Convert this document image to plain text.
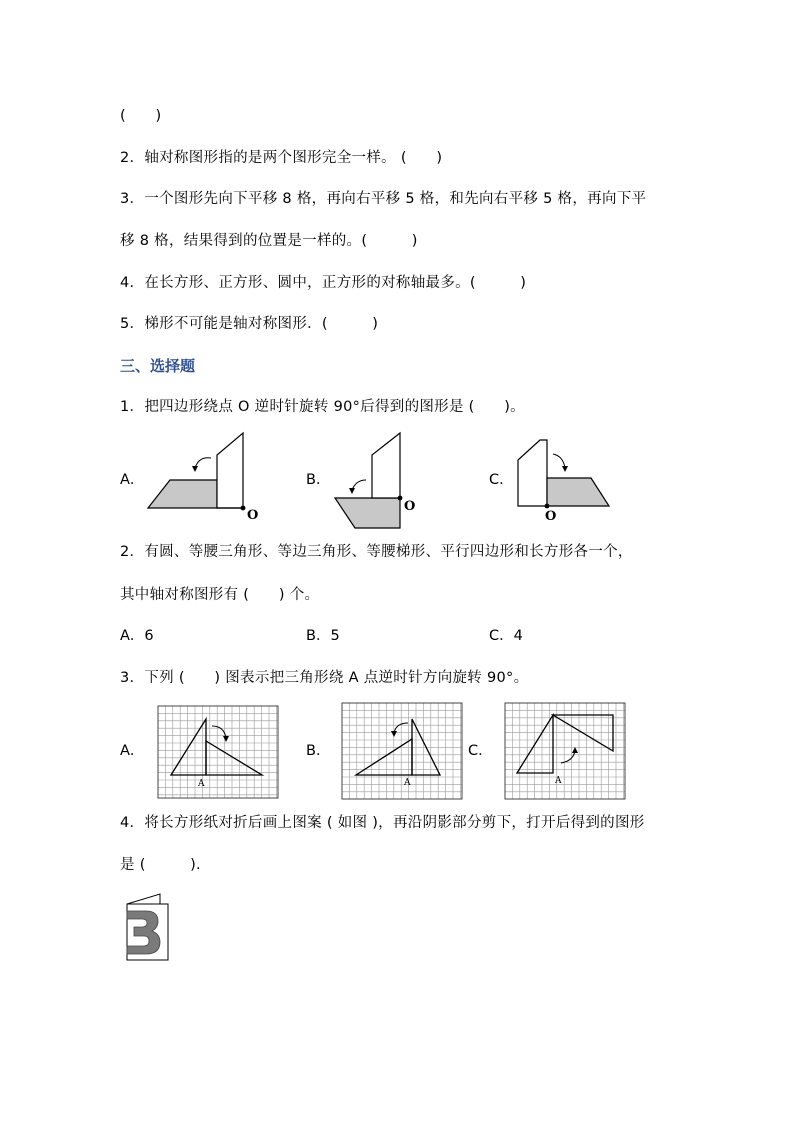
(　　)
2．轴对称图形指的是两个图形完全一样。 (　　)
3．一个图形先向下平移 8 格，再向右平移 5 格，和先向右平移 5 格，再向下平
移 8 格，结果得到的位置是一样的。(　　　)
4．在长方形、正方形、圆中，正方形的对称轴最多。(　　　)
5．梯形不可能是轴对称图形．(　　　)
三、选择题
1．把四边形绕点 O 逆时针旋转 90°后得到的图形是 (　　)。
A．
O
B．
O
C．
O
2．有圆、等腰三角形、等边三角形、等腰梯形、平行四边形和长方形各一个，
其中轴对称图形有 (　　) 个。
A．6	B．5	C．4
3．下列 (　　) 图表示把三角形绕 A 点逆时针方向旋转 90°。
A．
A
B．
A
C．
A
4．将长方形纸对折后画上图案 ( 如图 )，再沿阴影部分剪下，打开后得到的图形
是 (　　　).
